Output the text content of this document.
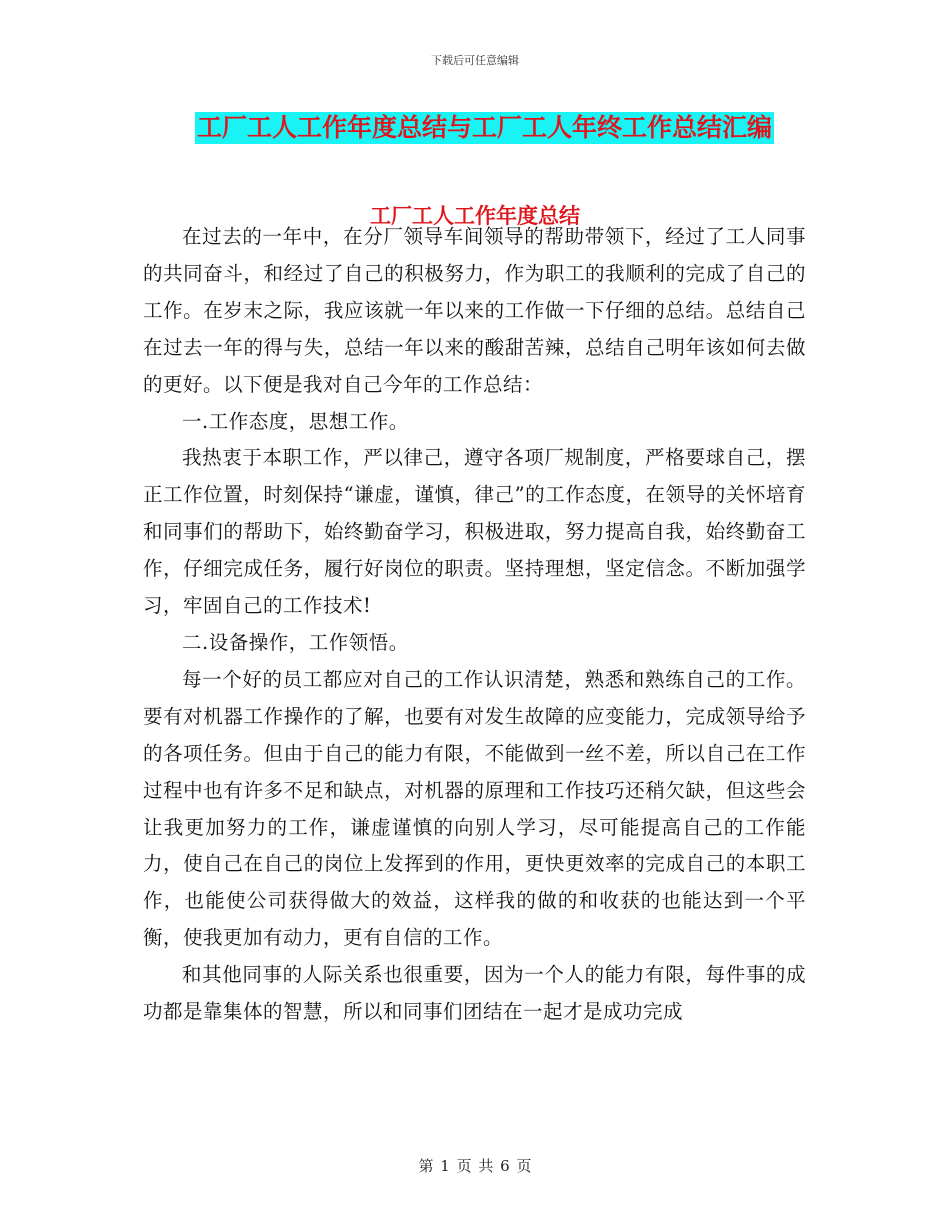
下载后可任意编辑
工厂工人工作年度总结与工厂工人年终工作总结汇编
工厂工人工作年度总结

在过去的一年中，在分厂领导车间领导的帮助带领下，经过了工人同事的共同奋斗，和经过了自己的积极努力，作为职工的我顺利的完成了自己的工作。在岁末之际，我应该就一年以来的工作做一下仔细的总结。总结自己在过去一年的得与失，总结一年以来的酸甜苦辣，总结自己明年该如何去做的更好。以下便是我对自己今年的工作总结：

一.工作态度，思想工作。

我热衷于本职工作，严以律己，遵守各项厂规制度，严格要球自己，摆正工作位置，时刻保持“谦虚，谨慎，律己”的工作态度，在领导的关怀培育和同事们的帮助下，始终勤奋学习，积极进取，努力提高自我，始终勤奋工作，仔细完成任务，履行好岗位的职责。坚持理想，坚定信念。不断加强学习，牢固自己的工作技术!

二.设备操作，工作领悟。

每一个好的员工都应对自己的工作认识清楚，熟悉和熟练自己的工作。要有对机器工作操作的了解，也要有对发生故障的应变能力，完成领导给予的各项任务。但由于自己的能力有限，不能做到一丝不差，所以自己在工作过程中也有许多不足和缺点，对机器的原理和工作技巧还稍欠缺，但这些会让我更加努力的工作，谦虚谨慎的向别人学习，尽可能提高自己的工作能力，使自己在自己的岗位上发挥到的作用，更快更效率的完成自己的本职工作，也能使公司获得做大的效益，这样我的做的和收获的也能达到一个平衡，使我更加有动力，更有自信的工作。

和其他同事的人际关系也很重要，因为一个人的能力有限，每件事的成功都是靠集体的智慧，所以和同事们团结在一起才是成功完成

第 1 页 共 6 页
